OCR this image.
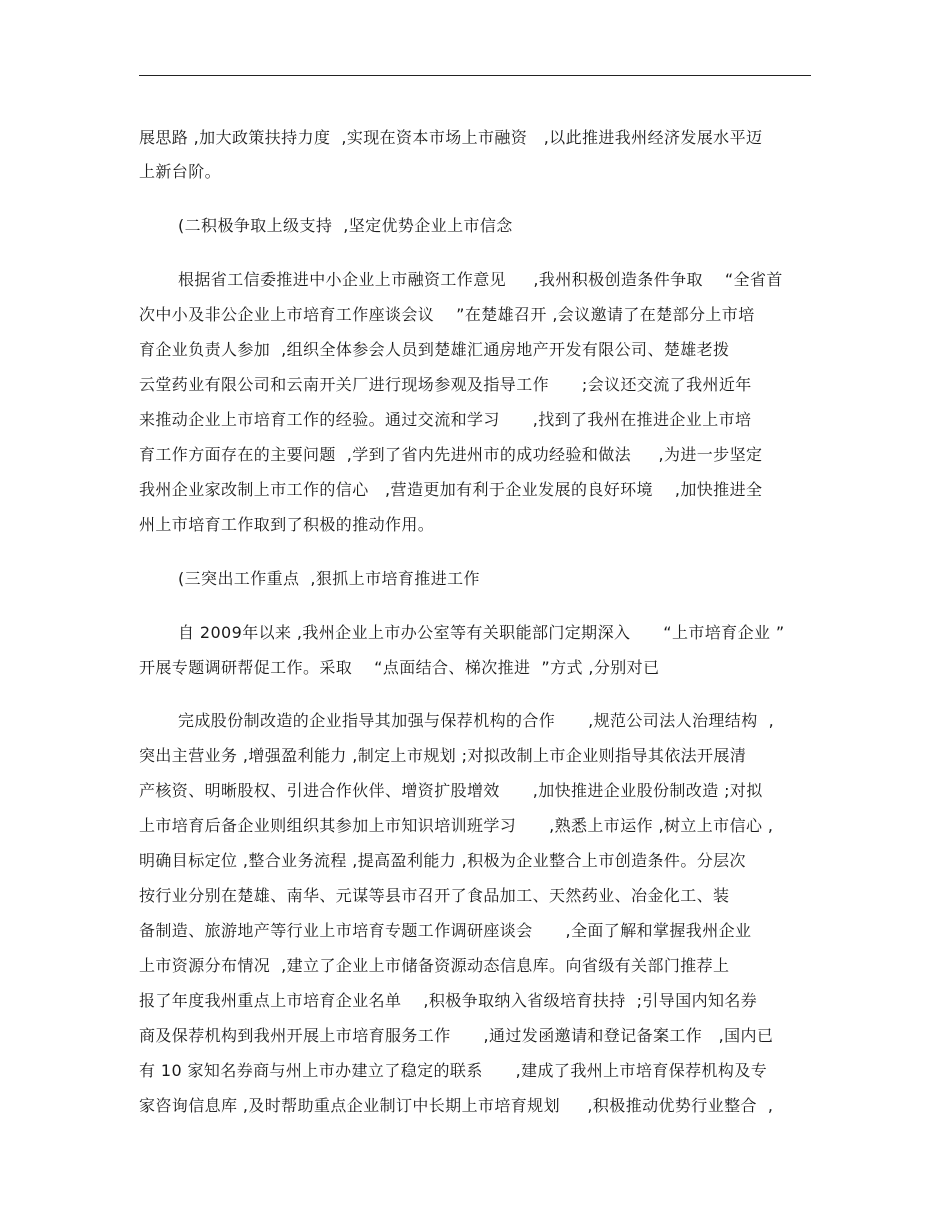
展思路 ,加大政策扶持力度  ,实现在资本市场上市融资   ,以此推进我州经济发展水平迈
上新台阶。
(二积极争取上级支持  ,坚定优势企业上市信念
根据省工信委推进中小企业上市融资工作意见     ,我州积极创造条件争取    “全省首
次中小及非公企业上市培育工作座谈会议    ”在楚雄召开 ,会议邀请了在楚部分上市培
育企业负责人参加  ,组织全体参会人员到楚雄汇通房地产开发有限公司、楚雄老拨
云堂药业有限公司和云南开关厂进行现场参观及指导工作      ;会议还交流了我州近年
来推动企业上市培育工作的经验。通过交流和学习      ,找到了我州在推进企业上市培
育工作方面存在的主要问题  ,学到了省内先进州市的成功经验和做法     ,为进一步坚定
我州企业家改制上市工作的信心   ,营造更加有利于企业发展的良好环境    ,加快推进全
州上市培育工作取到了积极的推动作用。
(三突出工作重点  ,狠抓上市培育推进工作
自 2009年以来 ,我州企业上市办公室等有关职能部门定期深入      “上市培育企业 ”
开展专题调研帮促工作。采取    “点面结合、梯次推进  ”方式 ,分别对已
完成股份制改造的企业指导其加强与保荐机构的合作      ,规范公司法人治理结构  ,
突出主营业务 ,增强盈利能力 ,制定上市规划 ;对拟改制上市企业则指导其依法开展清
产核资、明晰股权、引进合作伙伴、增资扩股增效      ,加快推进企业股份制改造 ;对拟
上市培育后备企业则组织其参加上市知识培训班学习      ,熟悉上市运作 ,树立上市信心 ,
明确目标定位 ,整合业务流程 ,提高盈利能力 ,积极为企业整合上市创造条件。分层次
按行业分别在楚雄、南华、元谋等县市召开了食品加工、天然药业、冶金化工、装
备制造、旅游地产等行业上市培育专题工作调研座谈会      ,全面了解和掌握我州企业
上市资源分布情况  ,建立了企业上市储备资源动态信息库。向省级有关部门推荐上
报了年度我州重点上市培育企业名单    ,积极争取纳入省级培育扶持  ;引导国内知名券
商及保荐机构到我州开展上市培育服务工作      ,通过发函邀请和登记备案工作   ,国内已
有 10 家知名券商与州上市办建立了稳定的联系      ,建成了我州上市培育保荐机构及专
家咨询信息库 ,及时帮助重点企业制订中长期上市培育规划     ,积极推动优势行业整合  ,
